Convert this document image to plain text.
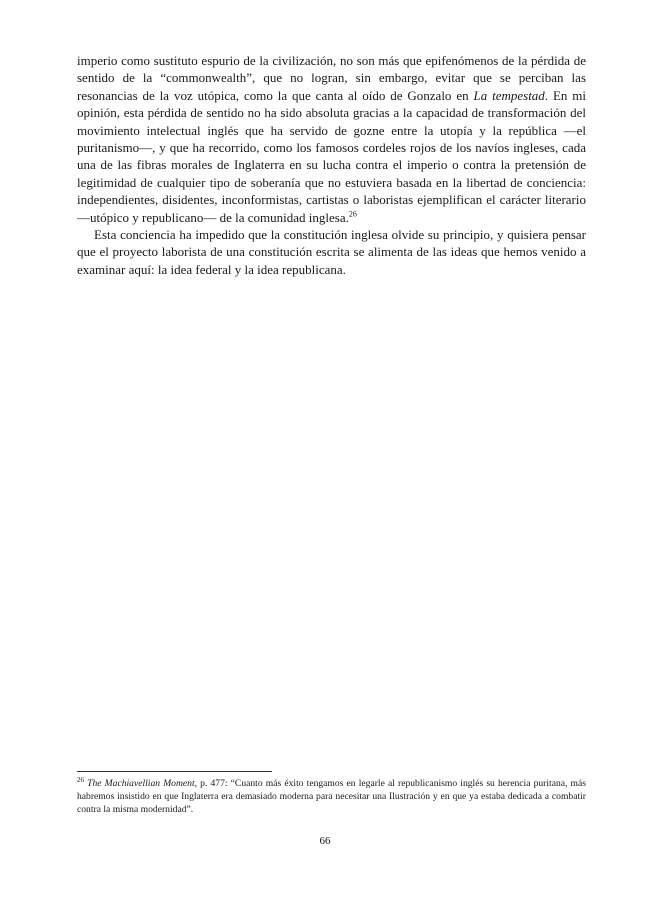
imperio como sustituto espurio de la civilización, no son más que epifenómenos de la pérdida de sentido de la “commonwealth”, que no logran, sin embargo, evitar que se perciban las resonancias de la voz utópica, como la que canta al oído de Gonzalo en La tempestad. En mi opinión, esta pérdida de sentido no ha sido absoluta gracias a la capacidad de transformación del movimiento intelectual inglés que ha servido de gozne entre la utopía y la república —el puritanismo—, y que ha recorrido, como los famosos cordeles rojos de los navíos ingleses, cada una de las fibras morales de Inglaterra en su lucha contra el imperio o contra la pretensión de legitimidad de cualquier tipo de soberanía que no estuviera basada en la libertad de conciencia: independientes, disidentes, inconformistas, cartistas o laboristas ejemplifican el carácter literario —utópico y republicano— de la comunidad inglesa.$^{26}$

Esta conciencia ha impedido que la constitución inglesa olvide su principio, y quisiera pensar que el proyecto laborista de una constitución escrita se alimenta de las ideas que hemos venido a examinar aquí: la idea federal y la idea republicana.

$^{26}$ The Machiavellian Moment, p. 477: “Cuanto más éxito tengamos en legarle al republicanismo inglés su herencia puritana, más habremos insistido en que Inglaterra era demasiado moderna para necesitar una Ilustración y en que ya estaba dedicada a combatir contra la misma modernidad”.

66
